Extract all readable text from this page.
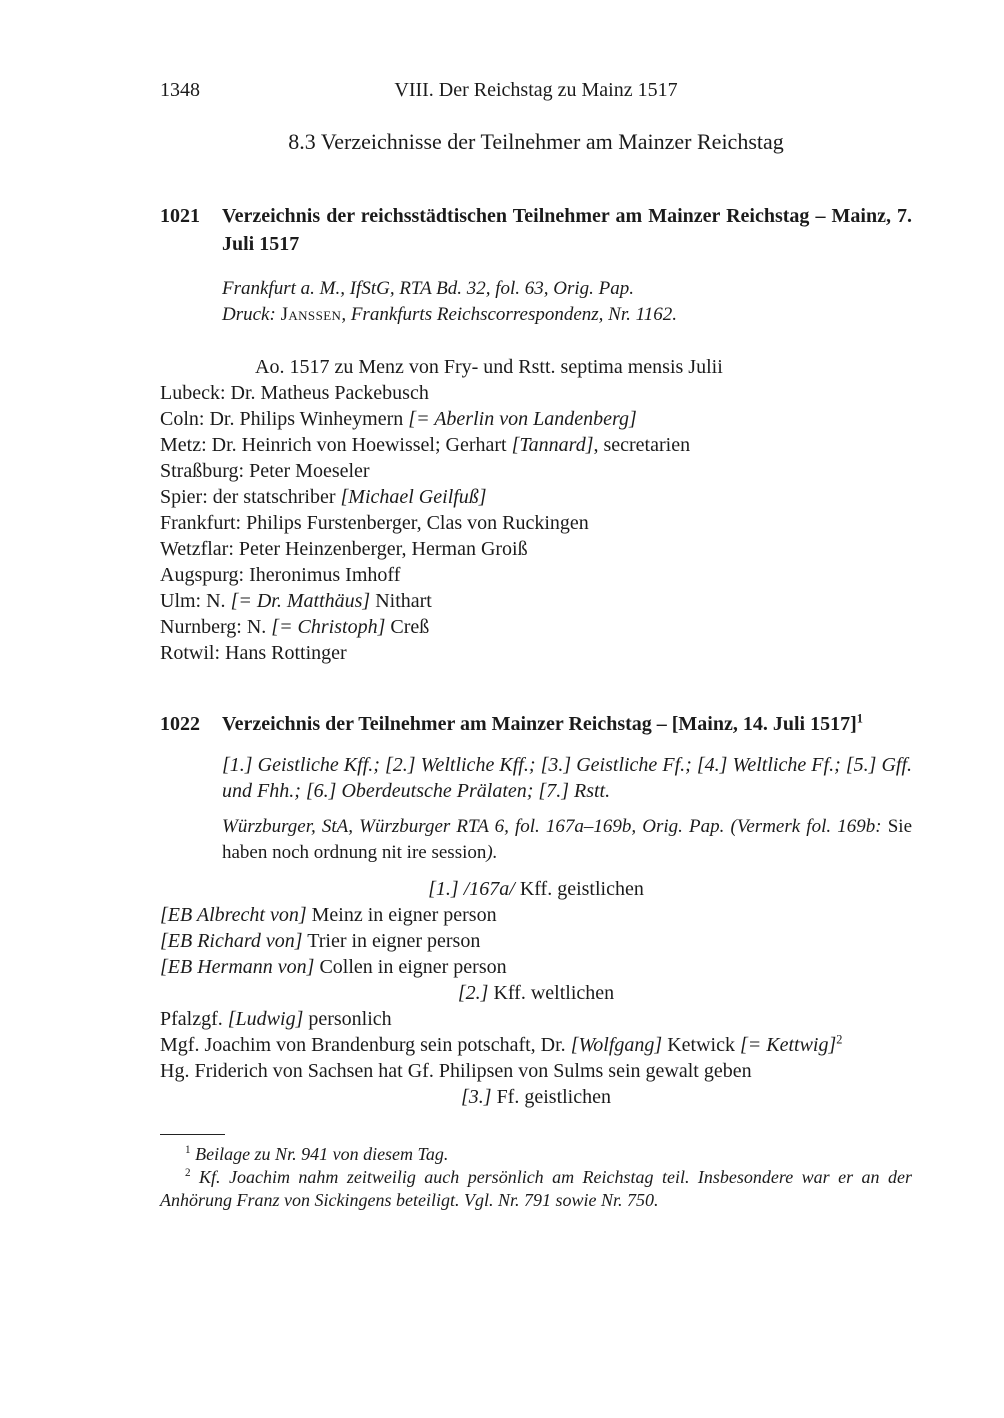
1348	VIII. Der Reichstag zu Mainz 1517
8.3 Verzeichnisse der Teilnehmer am Mainzer Reichstag
1021	Verzeichnis der reichsstädtischen Teilnehmer am Mainzer Reichstag – Mainz, 7. Juli 1517

Frankfurt a. M., IfStG, RTA Bd. 32, fol. 63, Orig. Pap.

Druck: Janssen, Frankfurts Reichscorrespondenz, Nr. 1162.

Ao. 1517 zu Menz von Fry- und Rstt. septima mensis Julii

Lubeck: Dr. Matheus Packebusch

Coln: Dr. Philips Winheymern [= Aberlin von Landenberg]

Metz: Dr. Heinrich von Hoewissel; Gerhart [Tannard], secretarien

Straßburg: Peter Moeseler

Spier: der statschriber [Michael Geilfuß]

Frankfurt: Philips Furstenberger, Clas von Ruckingen

Wetzflar: Peter Heinzenberger, Herman Groiß

Augspurg: Iheronimus Imhoff

Ulm: N. [= Dr. Matthäus] Nithart

Nurnberg: N. [= Christoph] Creß

Rotwil: Hans Rottinger

1022	Verzeichnis der Teilnehmer am Mainzer Reichstag – [Mainz, 14. Juli 1517]$^1$

[1.] Geistliche Kff.; [2.] Weltliche Kff.; [3.] Geistliche Ff.; [4.] Weltliche Ff.; [5.] Gff. und Fhh.; [6.] Oberdeutsche Prälaten; [7.] Rstt.

Würzburger, StA, Würzburger RTA 6, fol. 167a–169b, Orig. Pap. (Vermerk fol. 169b: Sie haben noch ordnung nit ire session).

[1.] /167a/ Kff. geistlichen

[EB Albrecht von] Meinz in eigner person

[EB Richard von] Trier in eigner person

[EB Hermann von] Collen in eigner person

[2.] Kff. weltlichen

Pfalzgf. [Ludwig] personlich

Mgf. Joachim von Brandenburg sein potschaft, Dr. [Wolfgang] Ketwick [= Kettwig]$^2$

Hg. Friderich von Sachsen hat Gf. Philipsen von Sulms sein gewalt geben

[3.] Ff. geistlichen

$^1$ Beilage zu Nr. 941 von diesem Tag.

$^2$ Kf. Joachim nahm zeitweilig auch persönlich am Reichstag teil. Insbesondere war er an der Anhörung Franz von Sickingens beteiligt. Vgl. Nr. 791 sowie Nr. 750.
